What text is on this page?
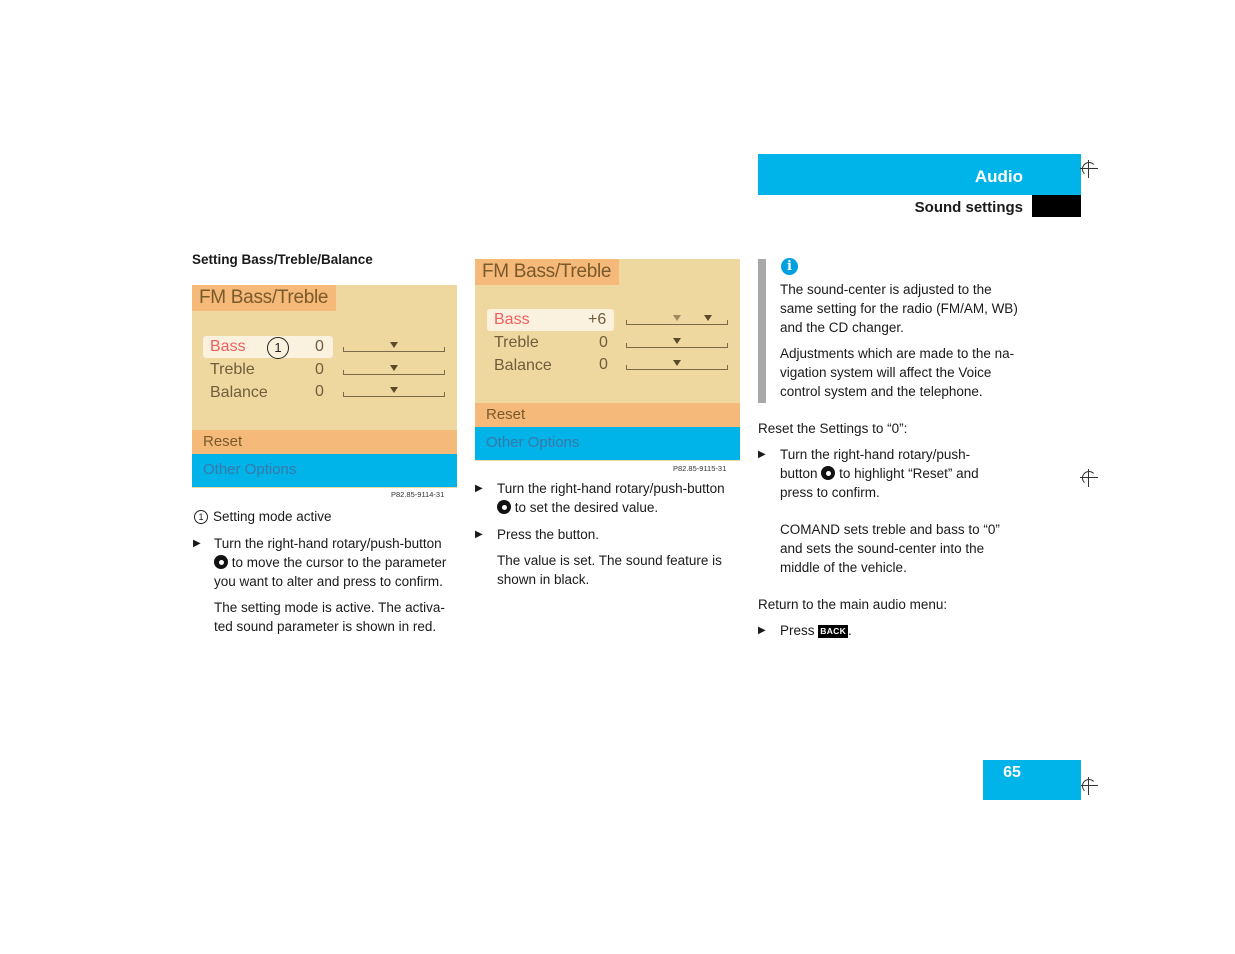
Audio
Sound settings
65
Setting Bass/Treble/Balance
FM Bass/Treble
Bass	0
1
Treble	0
Balance	0
Reset
Other Options
P82.85-9114-31
FM Bass/Treble
Bass	+6
Treble	0
Balance	0
Reset
Other Options
P82.85-9115-31
1 Setting mode active
▶ Turn the right-hand rotary/push-button
to move the cursor to the parameter
you want to alter and press to confirm.
The setting mode is active. The activa-
ted sound parameter is shown in red.
▶ Turn the right-hand rotary/push-button
to set the desired value.
▶ Press the button.
The value is set. The sound feature is
shown in black.
i
The sound-center is adjusted to the
same setting for the radio (FM/AM, WB)
and the CD changer.
Adjustments which are made to the na-
vigation system will affect the Voice
control system and the telephone.
Reset the Settings to “0”:
▶ Turn the right-hand rotary/push-
button to highlight “Reset” and
press to confirm.
COMAND sets treble and bass to “0”
and sets the sound-center into the
middle of the vehicle.
Return to the main audio menu:
▶ Press BACK .
